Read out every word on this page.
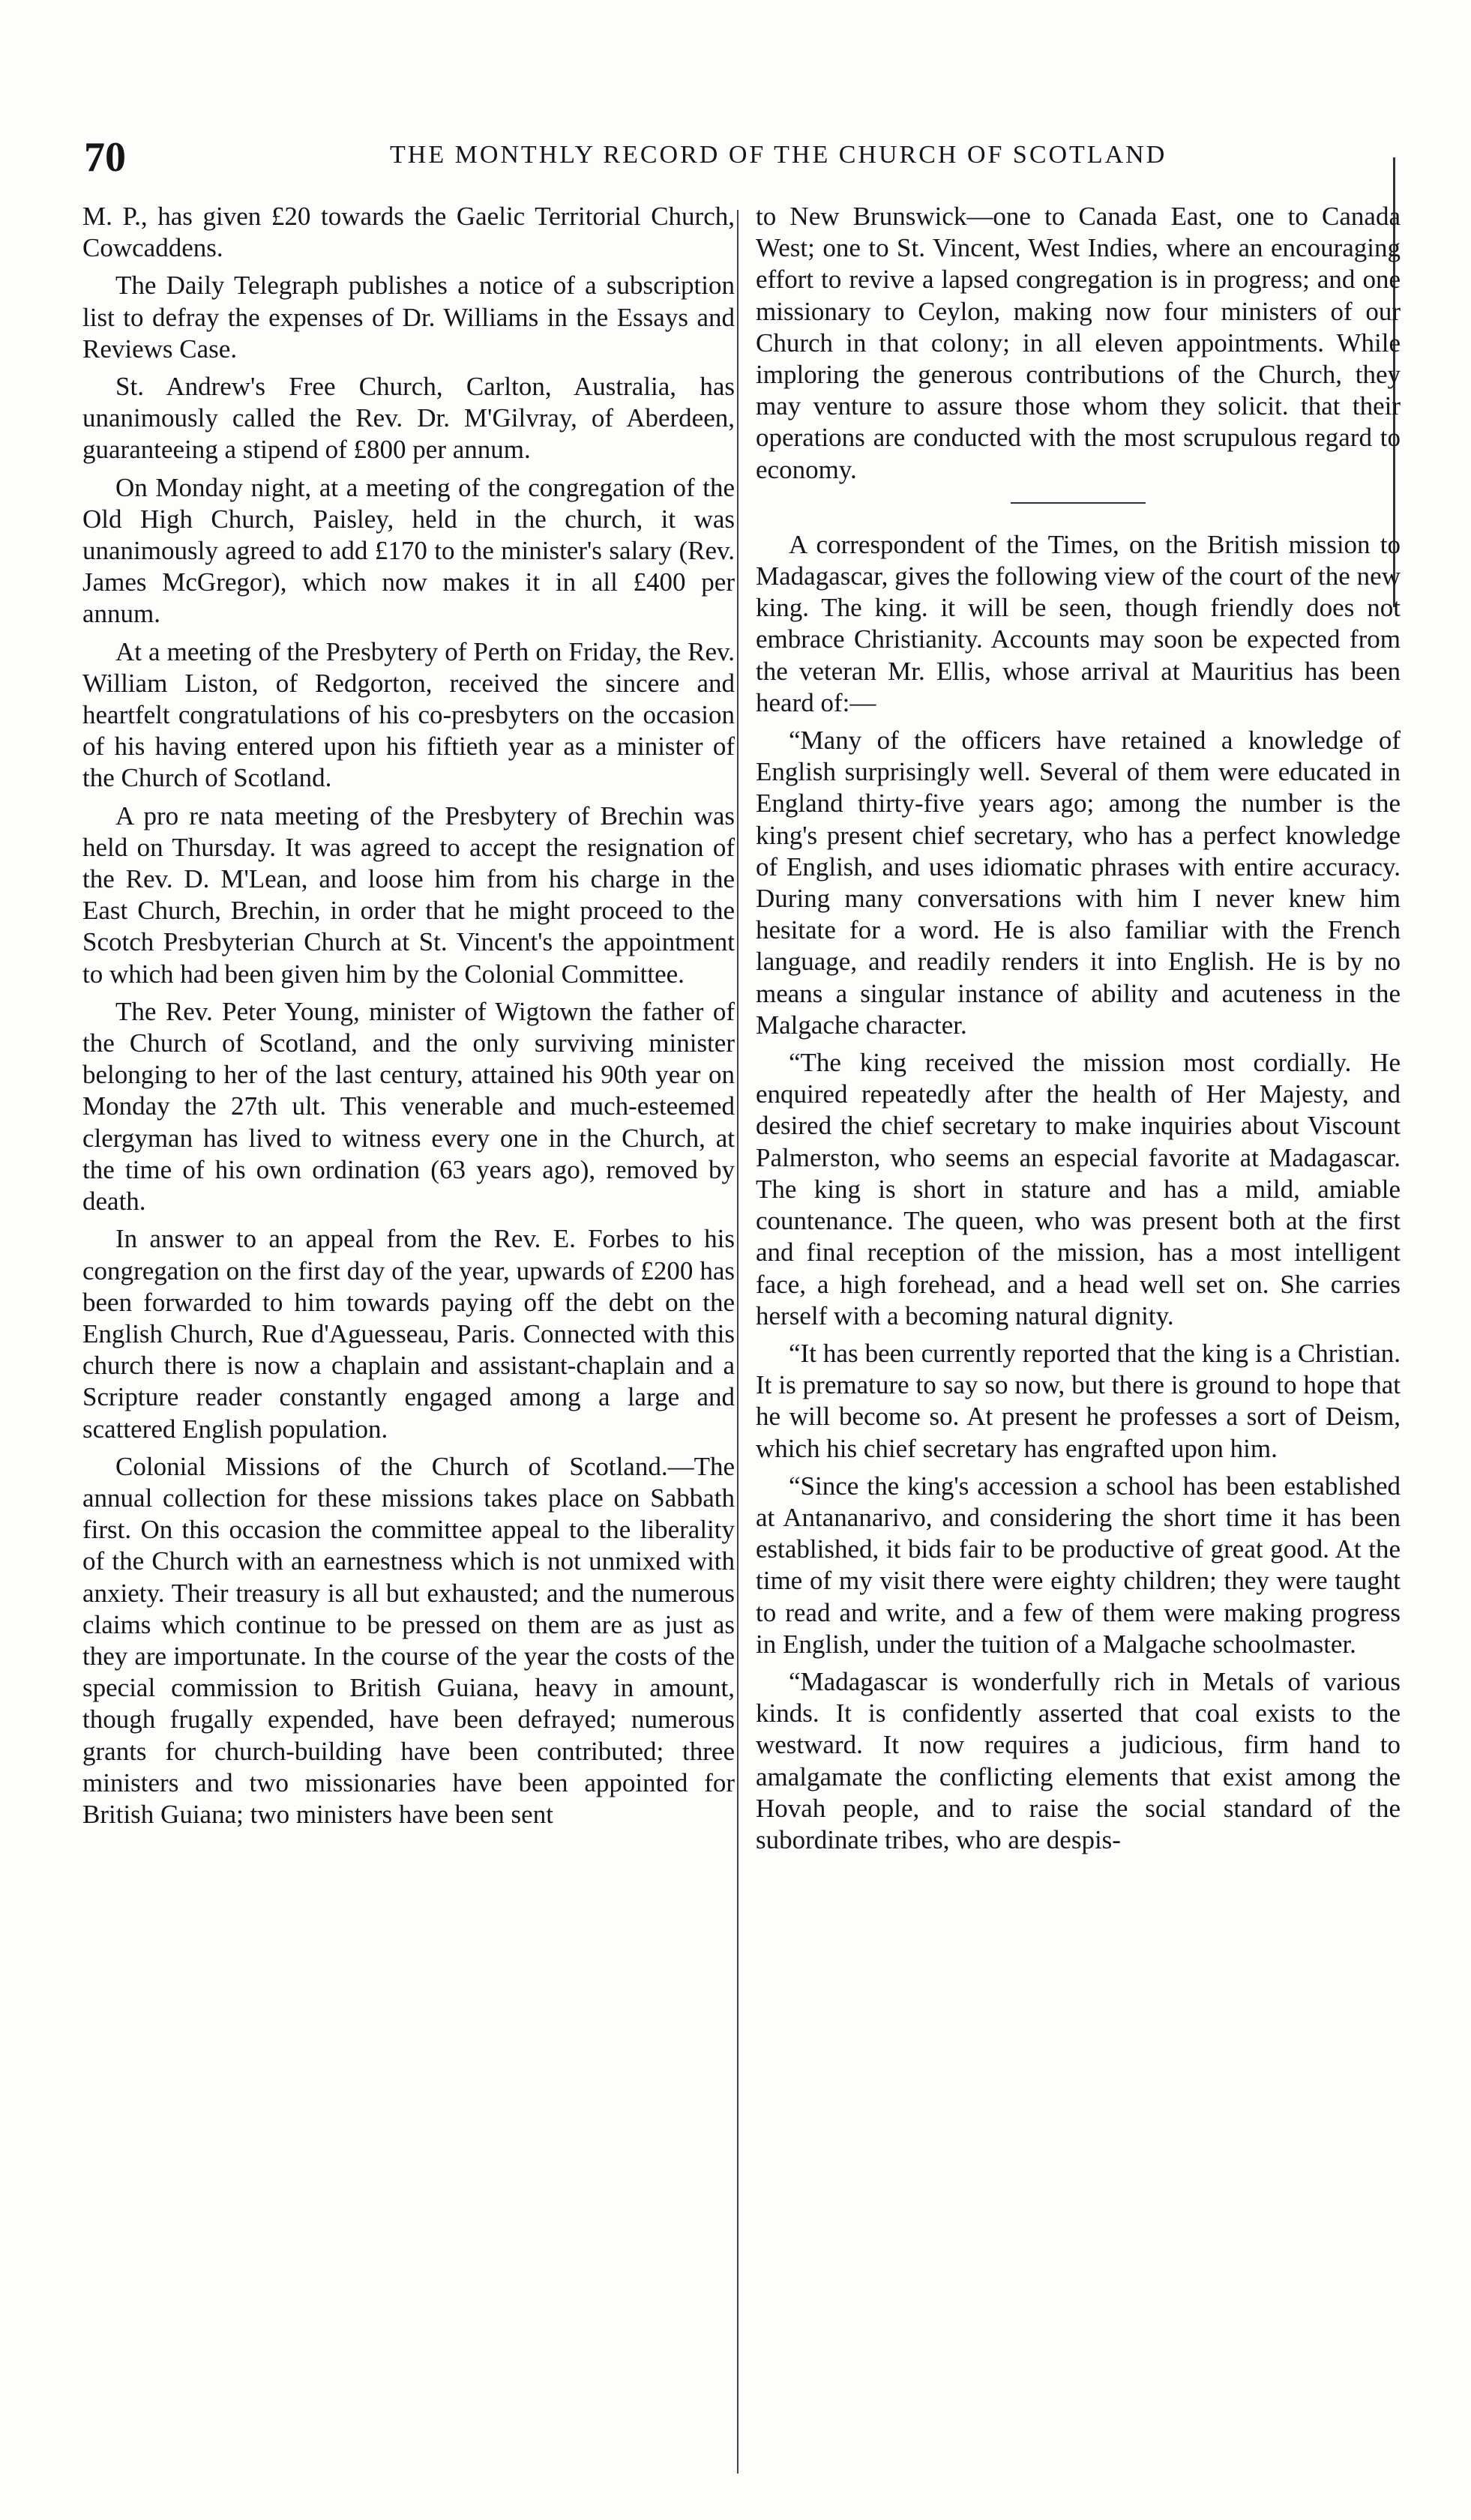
70	THE MONTHLY RECORD OF THE CHURCH OF SCOTLAND

M. P., has given £20 towards the Gaelic Territorial Church, Cowcaddens.

The Daily Telegraph publishes a notice of a subscription list to defray the expenses of Dr. Williams in the Essays and Reviews Case.

St. Andrew's Free Church, Carlton, Australia, has unanimously called the Rev. Dr. M'Gilvray, of Aberdeen, guaranteeing a stipend of £800 per annum.

On Monday night, at a meeting of the congregation of the Old High Church, Paisley, held in the church, it was unanimously agreed to add £170 to the minister's salary (Rev. James McGregor), which now makes it in all £400 per annum.

At a meeting of the Presbytery of Perth on Friday, the Rev. William Liston, of Redgorton, received the sincere and heartfelt congratulations of his co-presbyters on the occasion of his having entered upon his fiftieth year as a minister of the Church of Scotland.

A pro re nata meeting of the Presbytery of Brechin was held on Thursday. It was agreed to accept the resignation of the Rev. D. M'Lean, and loose him from his charge in the East Church, Brechin, in order that he might proceed to the Scotch Presbyterian Church at St. Vincent's the appointment to which had been given him by the Colonial Committee.

The Rev. Peter Young, minister of Wigtown the father of the Church of Scotland, and the only surviving minister belonging to her of the last century, attained his 90th year on Monday the 27th ult. This venerable and much-esteemed clergyman has lived to witness every one in the Church, at the time of his own ordination (63 years ago), removed by death.

In answer to an appeal from the Rev. E. Forbes to his congregation on the first day of the year, upwards of £200 has been forwarded to him towards paying off the debt on the English Church, Rue d'Aguesseau, Paris. Connected with this church there is now a chaplain and assistant-chaplain and a Scripture reader constantly engaged among a large and scattered English population.

Colonial Missions of the Church of Scotland.—The annual collection for these missions takes place on Sabbath first. On this occasion the committee appeal to the liberality of the Church with an earnestness which is not unmixed with anxiety. Their treasury is all but exhausted; and the numerous claims which continue to be pressed on them are as just as they are importunate. In the course of the year the costs of the special commission to British Guiana, heavy in amount, though frugally expended, have been defrayed; numerous grants for church-building have been contributed; three ministers and two missionaries have been appointed for British Guiana; two ministers have been sent

to New Brunswick—one to Canada East, one to Canada West; one to St. Vincent, West Indies, where an encouraging effort to revive a lapsed congregation is in progress; and one missionary to Ceylon, making now four ministers of our Church in that colony; in all eleven appointments. While imploring the generous contributions of the Church, they may venture to assure those whom they solicit. that their operations are conducted with the most scrupulous regard to economy.

A correspondent of the Times, on the British mission to Madagascar, gives the following view of the court of the new king. The king. it will be seen, though friendly does not embrace Christianity. Accounts may soon be expected from the veteran Mr. Ellis, whose arrival at Mauritius has been heard of:—

“Many of the officers have retained a knowledge of English surprisingly well. Several of them were educated in England thirty-five years ago; among the number is the king's present chief secretary, who has a perfect knowledge of English, and uses idiomatic phrases with entire accuracy. During many conversations with him I never knew him hesitate for a word. He is also familiar with the French language, and readily renders it into English. He is by no means a singular instance of ability and acuteness in the Malgache character.

“The king received the mission most cordially. He enquired repeatedly after the health of Her Majesty, and desired the chief secretary to make inquiries about Viscount Palmerston, who seems an especial favorite at Madagascar. The king is short in stature and has a mild, amiable countenance. The queen, who was present both at the first and final reception of the mission, has a most intelligent face, a high forehead, and a head well set on. She carries herself with a becoming natural dignity.

“It has been currently reported that the king is a Christian. It is premature to say so now, but there is ground to hope that he will become so. At present he professes a sort of Deism, which his chief secretary has engrafted upon him.

“Since the king's accession a school has been established at Antananarivo, and considering the short time it has been established, it bids fair to be productive of great good. At the time of my visit there were eighty children; they were taught to read and write, and a few of them were making progress in English, under the tuition of a Malgache schoolmaster.

“Madagascar is wonderfully rich in Metals of various kinds. It is confidently asserted that coal exists to the westward. It now requires a judicious, firm hand to amalgamate the conflicting elements that exist among the Hovah people, and to raise the social standard of the subordinate tribes, who are despis-
